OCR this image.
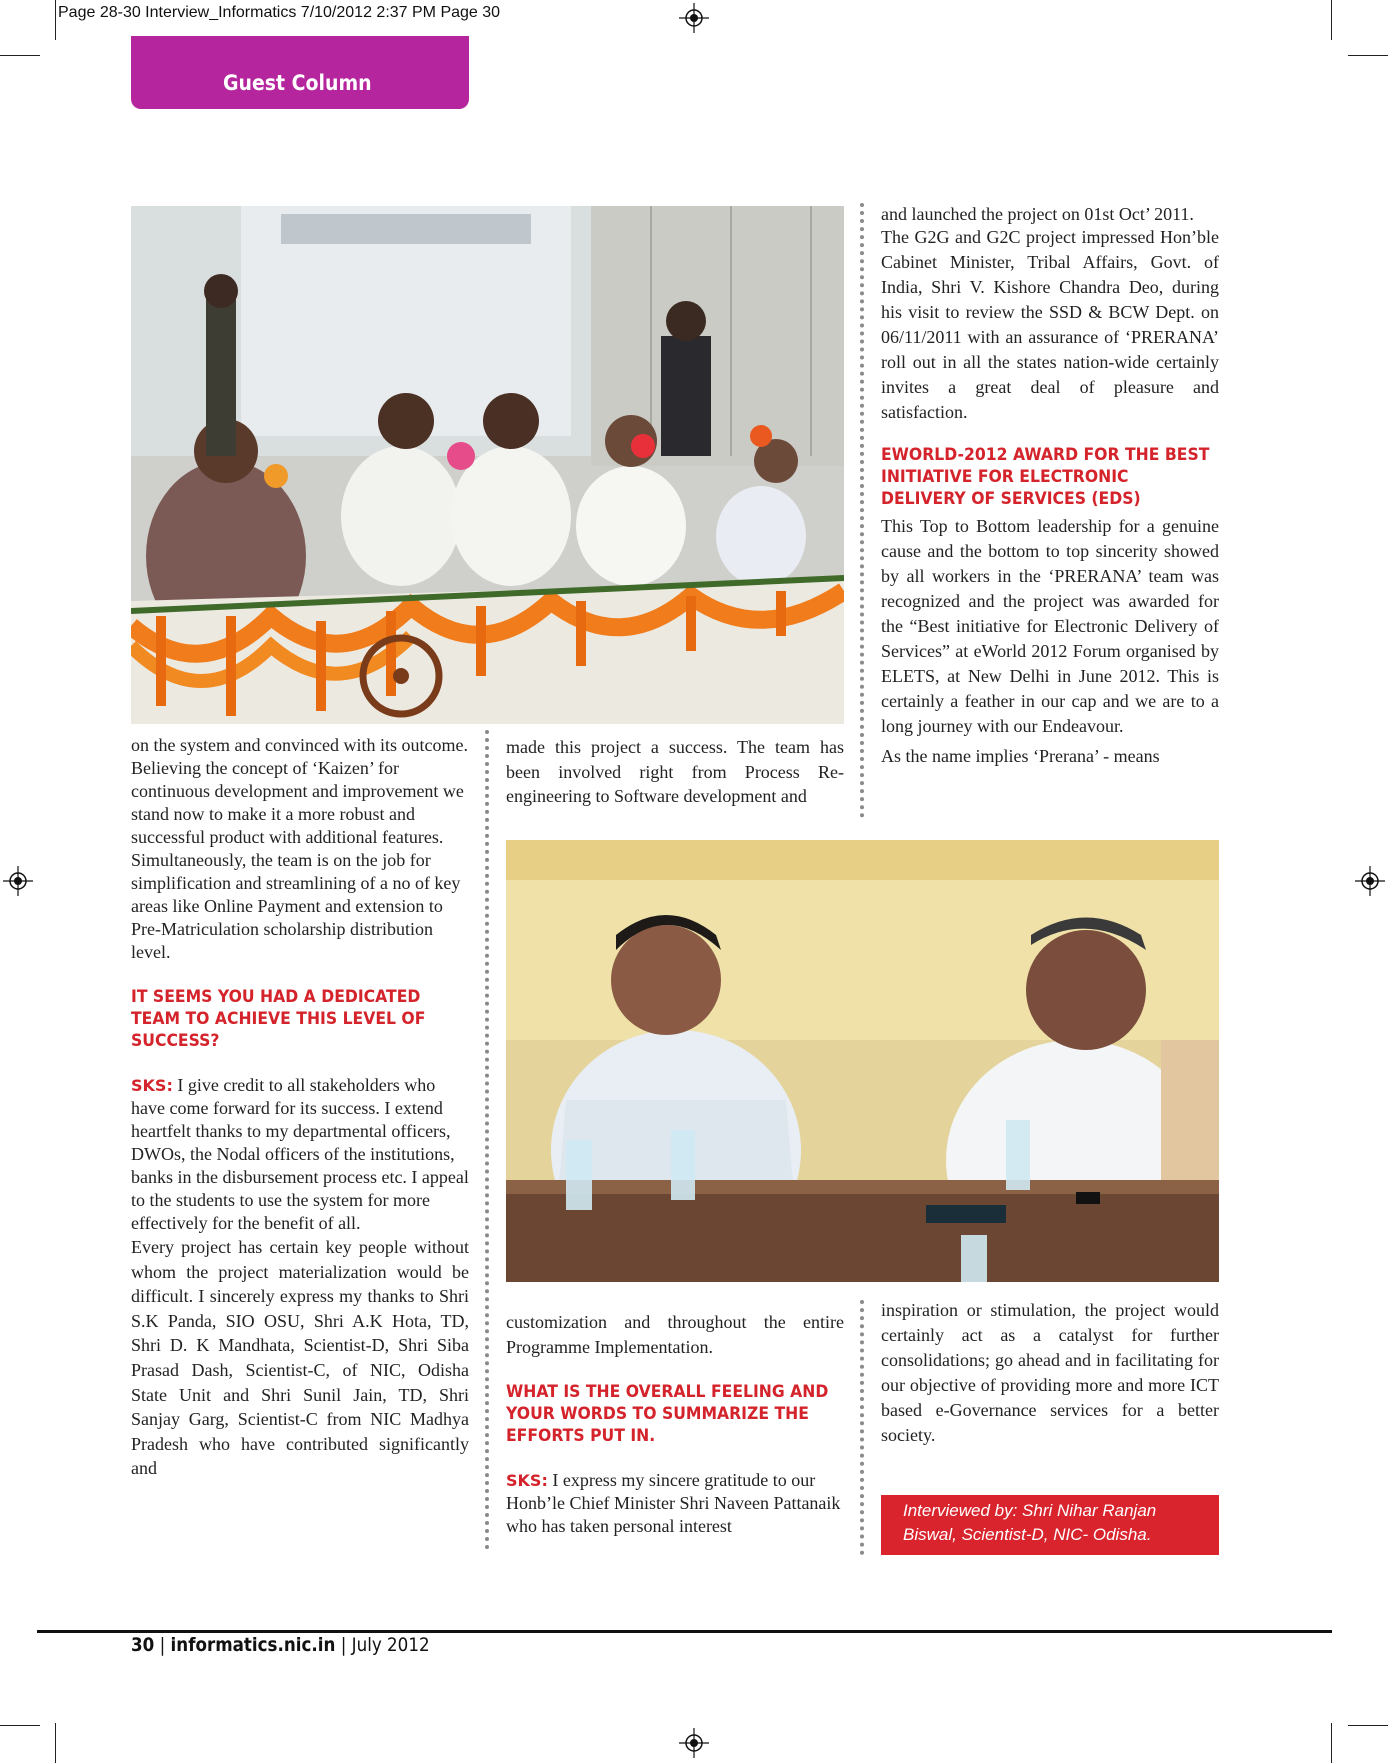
Page 28-30 Interview_Informatics 7/10/2012 2:37 PM Page 30
Guest Column

on the system and convinced with its outcome. Believing the concept of ‘Kaizen’ for continuous development and improvement we stand now to make it a more robust and successful product with additional features. Simultaneously, the team is on the job for simplification and streamlining of a no of key areas like Online Payment and extension to Pre-Matriculation scholarship distribution level.

IT SEEMS YOU HAD A DEDICATED TEAM TO ACHIEVE THIS LEVEL OF SUCCESS?

SKS: I give credit to all stakeholders who have come forward for its success. I extend heartfelt thanks to my departmental officers, DWOs, the Nodal officers of the institutions, banks in the disbursement process etc. I appeal to the students to use the system for more effectively for the benefit of all.

Every project has certain key people without whom the project materialization would be difficult. I sincerely express my thanks to Shri S.K Panda, SIO OSU, Shri A.K Hota, TD, Shri D. K Mandhata, Scientist-D, Shri Siba Prasad Dash, Scientist-C, of NIC, Odisha State Unit and Shri Sunil Jain, TD, Shri Sanjay Garg, Scientist-C from NIC Madhya Pradesh who have contributed significantly and

made this project a success. The team has been involved right from Process Re-engineering to Software development and

customization and throughout the entire Programme Implementation.

WHAT IS THE OVERALL FEELING AND YOUR WORDS TO SUMMARIZE THE EFFORTS PUT IN.

SKS: I express my sincere gratitude to our Honb’le Chief Minister Shri Naveen Pattanaik who has taken personal interest

and launched the project on 01st Oct’ 2011.

The G2G and G2C project impressed Hon’ble Cabinet Minister, Tribal Affairs, Govt. of India, Shri V. Kishore Chandra Deo, during his visit to review the SSD & BCW Dept. on 06/11/2011 with an assurance of ‘PRERANA’ roll out in all the states nation-wide certainly invites a great deal of pleasure and satisfaction.

EWORLD-2012 AWARD FOR THE BEST INITIATIVE FOR ELECTRONIC DELIVERY OF SERVICES (EDS)

This Top to Bottom leadership for a genuine cause and the bottom to top sincerity showed by all workers in the ‘PRERANA’ team was recognized and the project was awarded for the “Best initiative for Electronic Delivery of Services” at eWorld 2012 Forum organised by ELETS, at New Delhi in June 2012. This is certainly a feather in our cap and we are to a long journey with our Endeavour.

As the name implies ‘Prerana’ - means

inspiration or stimulation, the project would certainly act as a catalyst for further consolidations; go ahead and in facilitating for our objective of providing more and more ICT based e-Governance services for a better society.
Interviewed by: Shri Nihar Ranjan Biswal, Scientist-D, NIC- Odisha.
30 | informatics.nic.in | July 2012
